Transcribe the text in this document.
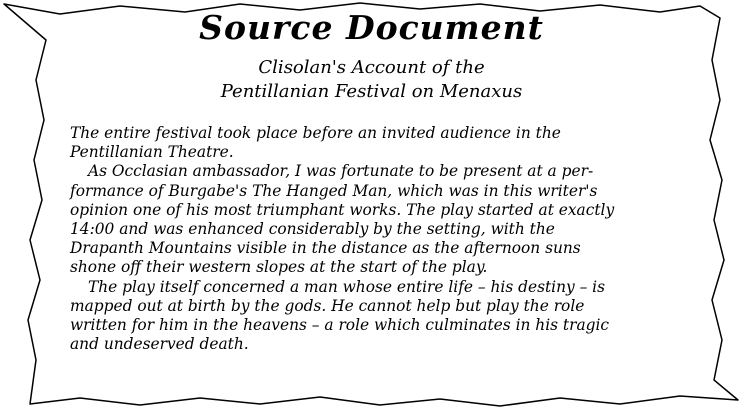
Source Document
Clisolan's Account of the
Pentillanian Festival on Menaxus
The entire festival took place before an invited audience in the
Pentillanian Theatre.
As Occlasian ambassador, I was fortunate to be present at a per-
formance of Burgabe's The Hanged Man, which was in this writer's
opinion one of his most triumphant works. The play started at exactly
14:00 and was enhanced considerably by the setting, with the
Drapanth Mountains visible in the distance as the afternoon suns
shone off their western slopes at the start of the play.
The play itself concerned a man whose entire life – his destiny – is
mapped out at birth by the gods. He cannot help but play the role
written for him in the heavens – a role which culminates in his tragic
and undeserved death.
